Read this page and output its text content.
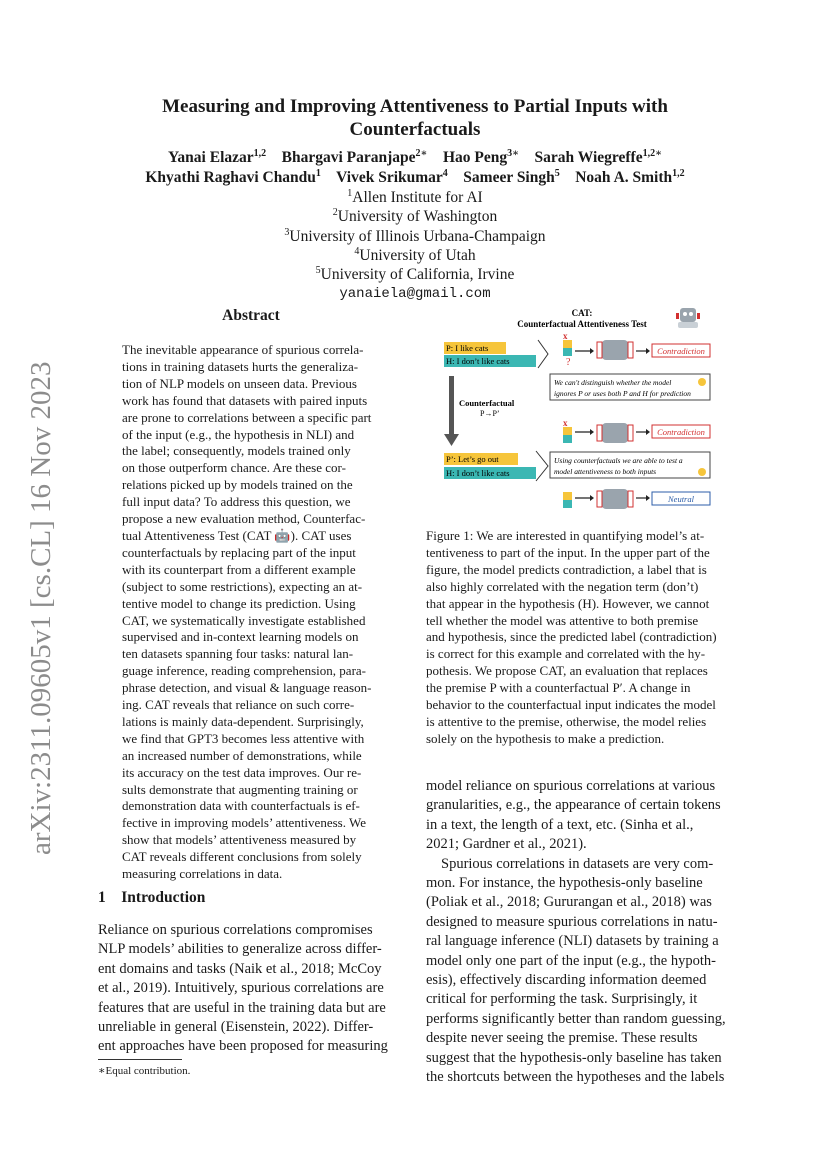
arXiv:2311.09605v1 [cs.CL] 16 Nov 2023
Measuring and Improving Attentiveness to Partial Inputs with
Counterfactuals
Yanai Elazar$^{1,2}$ Bhargavi Paranjape$^{2∗}$ Hao Peng$^{3∗}$ Sarah Wiegreffe$^{1,2∗}$
Khyathi Raghavi Chandu$^1$ Vivek Srikumar$^4$ Sameer Singh$^5$ Noah A. Smith$^{1,2}$
$^1$Allen Institute for AI
$^2$University of Washington
$^3$University of Illinois Urbana-Champaign
$^4$University of Utah
$^5$University of California, Irvine
yanaiela@gmail.com
Abstract
The inevitable appearance of spurious correla-
tions in training datasets hurts the generaliza-
tion of NLP models on unseen data. Previous
work has found that datasets with paired inputs
are prone to correlations between a specific part
of the input (e.g., the hypothesis in NLI) and
the label; consequently, models trained only
on those outperform chance. Are these cor-
relations picked up by models trained on the
full input data? To address this question, we
propose a new evaluation method, Counterfac-
tual Attentiveness Test (CAT 🤖). CAT uses
counterfactuals by replacing part of the input
with its counterpart from a different example
(subject to some restrictions), expecting an at-
tentive model to change its prediction. Using
CAT, we systematically investigate established
supervised and in-context learning models on
ten datasets spanning four tasks: natural lan-
guage inference, reading comprehension, para-
phrase detection, and visual & language reason-
ing. CAT reveals that reliance on such corre-
lations is mainly data-dependent. Surprisingly,
we find that GPT3 becomes less attentive with
an increased number of demonstrations, while
its accuracy on the test data improves. Our re-
sults demonstrate that augmenting training or
demonstration data with counterfactuals is ef-
fective in improving models’ attentiveness. We
show that models’ attentiveness measured by
CAT reveals different conclusions from solely
measuring correlations in data.
1 Introduction
Reliance on spurious correlations compromises
NLP models’ abilities to generalize across differ-
ent domains and tasks (Naik et al., 2018; McCoy
et al., 2019). Intuitively, spurious correlations are
features that are useful in the training data but are
unreliable in general (Eisenstein, 2022). Differ-
ent approaches have been proposed for measuring
∗Equal contribution.
CAT:
Counterfactual Attentiveness Test
P: I like cats
H: I don’t like cats
x
?
Contradiction
We can't distinguish whether the model
ignores P or uses both P and H for prediction
Counterfactual
P→P’
x
Contradiction
P’: Let’s go out
H: I don’t like cats
Using counterfactuals we are able to test a
model attentiveness to both inputs
Neutral
Figure 1: We are interested in quantifying model’s at-
tentiveness to part of the input. In the upper part of the
figure, the model predicts contradiction, a label that is
also highly correlated with the negation term (don’t)
that appear in the hypothesis (H). However, we cannot
tell whether the model was attentive to both premise
and hypothesis, since the predicted label (contradiction)
is correct for this example and correlated with the hy-
pothesis. We propose CAT, an evaluation that replaces
the premise P with a counterfactual P′. A change in
behavior to the counterfactual input indicates the model
is attentive to the premise, otherwise, the model relies
solely on the hypothesis to make a prediction.
model reliance on spurious correlations at various
granularities, e.g., the appearance of certain tokens
in a text, the length of a text, etc. (Sinha et al.,
2021; Gardner et al., 2021).
Spurious correlations in datasets are very com-
mon. For instance, the hypothesis-only baseline
(Poliak et al., 2018; Gururangan et al., 2018) was
designed to measure spurious correlations in natu-
ral language inference (NLI) datasets by training a
model only one part of the input (e.g., the hypoth-
esis), effectively discarding information deemed
critical for performing the task. Surprisingly, it
performs significantly better than random guessing,
despite never seeing the premise. These results
suggest that the hypothesis-only baseline has taken
the shortcuts between the hypotheses and the labels
